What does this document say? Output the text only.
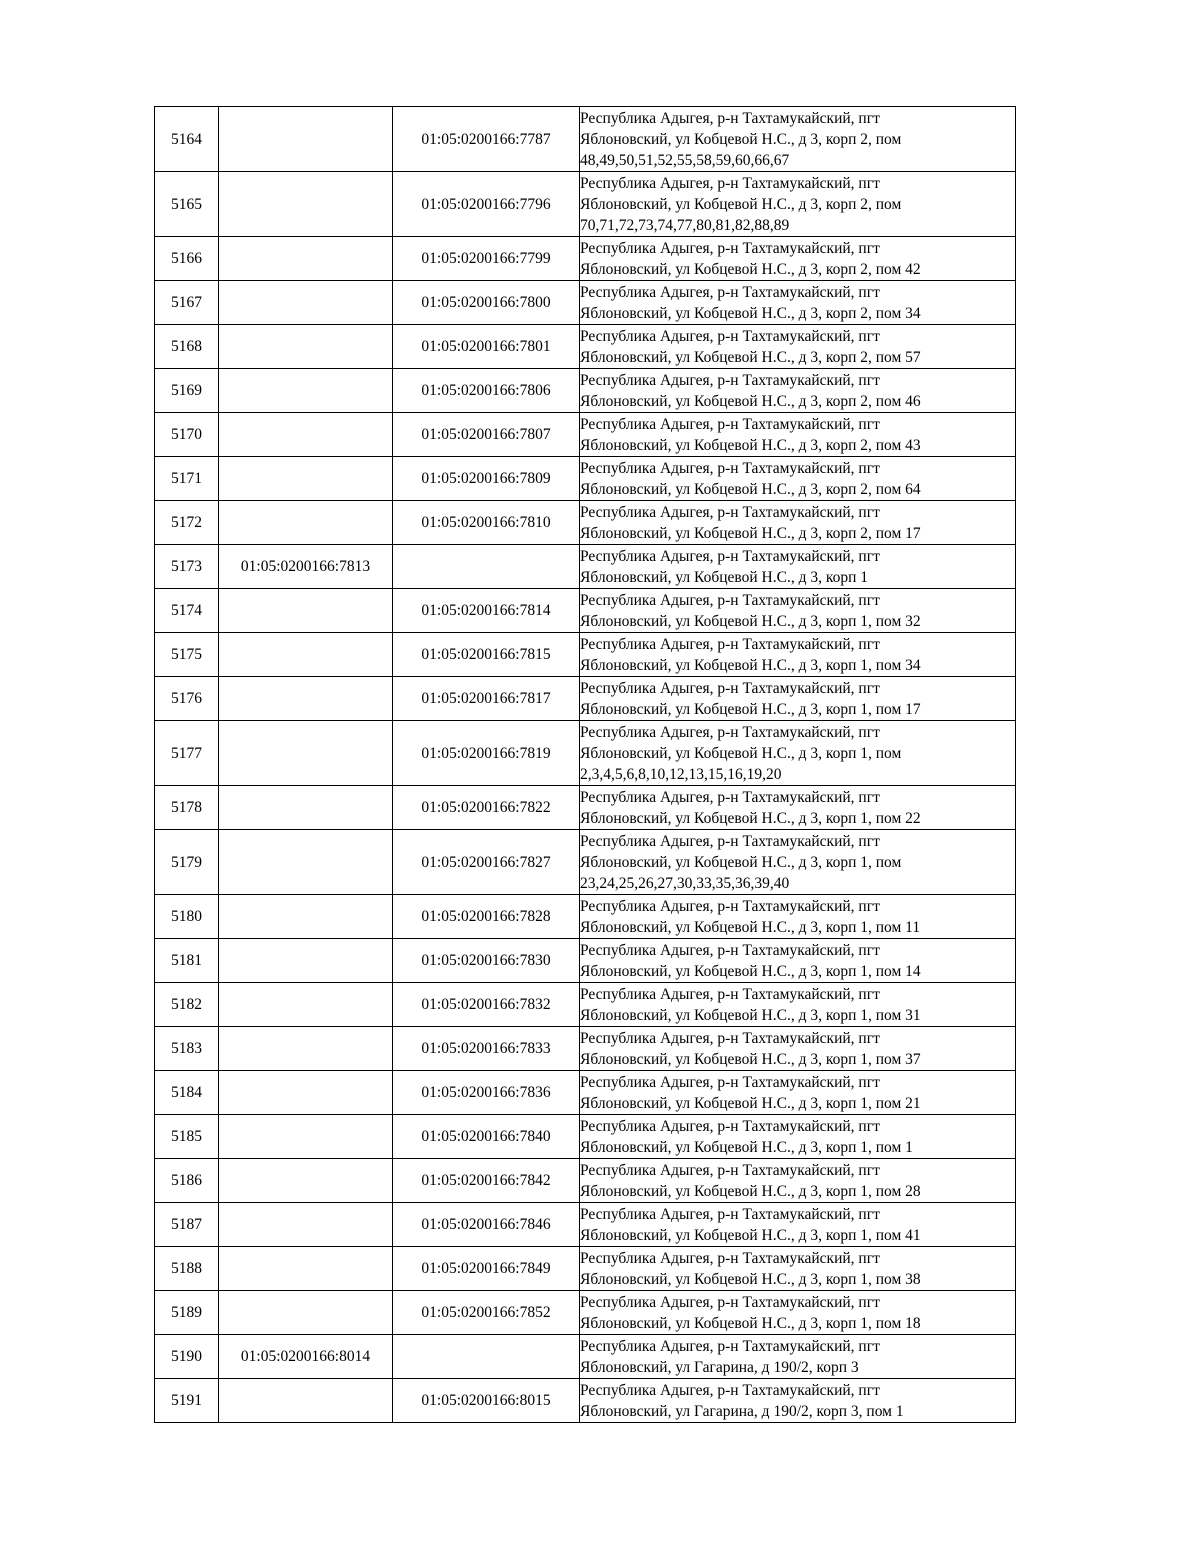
5164		01:05:0200166:7787	Республика Адыгея, р-н Тахтамукайский, пгт
Яблоновский, ул Кобцевой Н.С., д 3, корп 2, пом
48,49,50,51,52,55,58,59,60,66,67

5165		01:05:0200166:7796	Республика Адыгея, р-н Тахтамукайский, пгт
Яблоновский, ул Кобцевой Н.С., д 3, корп 2, пом
70,71,72,73,74,77,80,81,82,88,89

5166		01:05:0200166:7799	Республика Адыгея, р-н Тахтамукайский, пгт
Яблоновский, ул Кобцевой Н.С., д 3, корп 2, пом 42

5167		01:05:0200166:7800	Республика Адыгея, р-н Тахтамукайский, пгт
Яблоновский, ул Кобцевой Н.С., д 3, корп 2, пом 34

5168		01:05:0200166:7801	Республика Адыгея, р-н Тахтамукайский, пгт
Яблоновский, ул Кобцевой Н.С., д 3, корп 2, пом 57

5169		01:05:0200166:7806	Республика Адыгея, р-н Тахтамукайский, пгт
Яблоновский, ул Кобцевой Н.С., д 3, корп 2, пом 46

5170		01:05:0200166:7807	Республика Адыгея, р-н Тахтамукайский, пгт
Яблоновский, ул Кобцевой Н.С., д 3, корп 2, пом 43

5171		01:05:0200166:7809	Республика Адыгея, р-н Тахтамукайский, пгт
Яблоновский, ул Кобцевой Н.С., д 3, корп 2, пом 64

5172		01:05:0200166:7810	Республика Адыгея, р-н Тахтамукайский, пгт
Яблоновский, ул Кобцевой Н.С., д 3, корп 2, пом 17

5173	01:05:0200166:7813		Республика Адыгея, р-н Тахтамукайский, пгт
Яблоновский, ул Кобцевой Н.С., д 3, корп 1

5174		01:05:0200166:7814	Республика Адыгея, р-н Тахтамукайский, пгт
Яблоновский, ул Кобцевой Н.С., д 3, корп 1, пом 32

5175		01:05:0200166:7815	Республика Адыгея, р-н Тахтамукайский, пгт
Яблоновский, ул Кобцевой Н.С., д 3, корп 1, пом 34

5176		01:05:0200166:7817	Республика Адыгея, р-н Тахтамукайский, пгт
Яблоновский, ул Кобцевой Н.С., д 3, корп 1, пом 17

5177		01:05:0200166:7819	Республика Адыгея, р-н Тахтамукайский, пгт
Яблоновский, ул Кобцевой Н.С., д 3, корп 1, пом
2,3,4,5,6,8,10,12,13,15,16,19,20

5178		01:05:0200166:7822	Республика Адыгея, р-н Тахтамукайский, пгт
Яблоновский, ул Кобцевой Н.С., д 3, корп 1, пом 22

5179		01:05:0200166:7827	Республика Адыгея, р-н Тахтамукайский, пгт
Яблоновский, ул Кобцевой Н.С., д 3, корп 1, пом
23,24,25,26,27,30,33,35,36,39,40

5180		01:05:0200166:7828	Республика Адыгея, р-н Тахтамукайский, пгт
Яблоновский, ул Кобцевой Н.С., д 3, корп 1, пом 11

5181		01:05:0200166:7830	Республика Адыгея, р-н Тахтамукайский, пгт
Яблоновский, ул Кобцевой Н.С., д 3, корп 1, пом 14

5182		01:05:0200166:7832	Республика Адыгея, р-н Тахтамукайский, пгт
Яблоновский, ул Кобцевой Н.С., д 3, корп 1, пом 31

5183		01:05:0200166:7833	Республика Адыгея, р-н Тахтамукайский, пгт
Яблоновский, ул Кобцевой Н.С., д 3, корп 1, пом 37

5184		01:05:0200166:7836	Республика Адыгея, р-н Тахтамукайский, пгт
Яблоновский, ул Кобцевой Н.С., д 3, корп 1, пом 21

5185		01:05:0200166:7840	Республика Адыгея, р-н Тахтамукайский, пгт
Яблоновский, ул Кобцевой Н.С., д 3, корп 1, пом 1

5186		01:05:0200166:7842	Республика Адыгея, р-н Тахтамукайский, пгт
Яблоновский, ул Кобцевой Н.С., д 3, корп 1, пом 28

5187		01:05:0200166:7846	Республика Адыгея, р-н Тахтамукайский, пгт
Яблоновский, ул Кобцевой Н.С., д 3, корп 1, пом 41

5188		01:05:0200166:7849	Республика Адыгея, р-н Тахтамукайский, пгт
Яблоновский, ул Кобцевой Н.С., д 3, корп 1, пом 38

5189		01:05:0200166:7852	Республика Адыгея, р-н Тахтамукайский, пгт
Яблоновский, ул Кобцевой Н.С., д 3, корп 1, пом 18

5190	01:05:0200166:8014		Республика Адыгея, р-н Тахтамукайский, пгт
Яблоновский, ул Гагарина, д 190/2, корп 3

5191		01:05:0200166:8015	Республика Адыгея, р-н Тахтамукайский, пгт
Яблоновский, ул Гагарина, д 190/2, корп 3, пом 1
